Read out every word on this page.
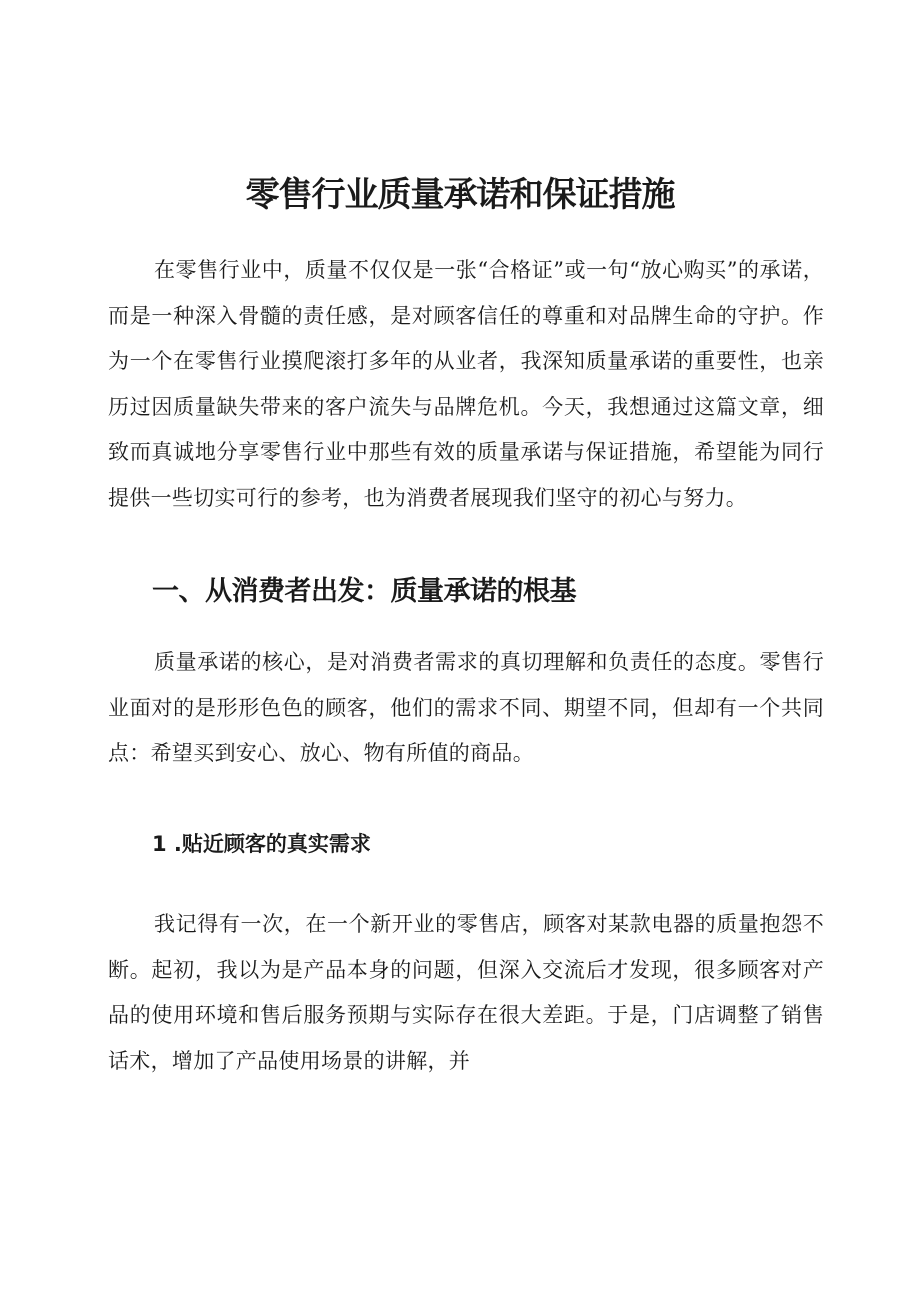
零售行业质量承诺和保证措施

在零售行业中，质量不仅仅是一张“合格证”或一句“放心购买”的承诺，而是一种深入骨髓的责任感，是对顾客信任的尊重和对品牌生命的守护。作为一个在零售行业摸爬滚打多年的从业者，我深知质量承诺的重要性，也亲历过因质量缺失带来的客户流失与品牌危机。今天，我想通过这篇文章，细致而真诚地分享零售行业中那些有效的质量承诺与保证措施，希望能为同行提供一些切实可行的参考，也为消费者展现我们坚守的初心与努力。

一、从消费者出发：质量承诺的根基

质量承诺的核心，是对消费者需求的真切理解和负责任的态度。零售行业面对的是形形色色的顾客，他们的需求不同、期望不同，但却有一个共同点：希望买到安心、放心、物有所值的商品。

1 .贴近顾客的真实需求

我记得有一次，在一个新开业的零售店，顾客对某款电器的质量抱怨不断。起初，我以为是产品本身的问题，但深入交流后才发现，很多顾客对产品的使用环境和售后服务预期与实际存在很大差距。于是，门店调整了销售话术，增加了产品使用场景的讲解，并
